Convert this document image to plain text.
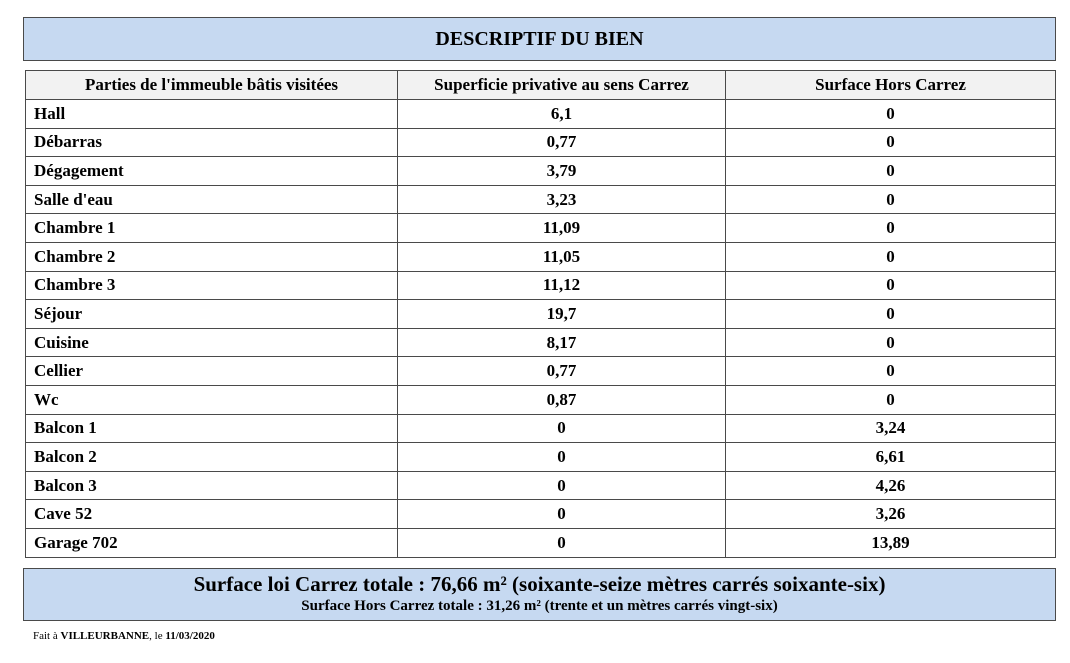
DESCRIPTIF DU BIEN
Parties de l'immeuble bâtis visitées	Superficie privative au sens Carrez	Surface Hors Carrez
Hall	6,1	0
Débarras	0,77	0
Dégagement	3,79	0
Salle d'eau	3,23	0
Chambre 1	11,09	0
Chambre 2	11,05	0
Chambre 3	11,12	0
Séjour	19,7	0
Cuisine	8,17	0
Cellier	0,77	0
Wc	0,87	0
Balcon 1	0	3,24
Balcon 2	0	6,61
Balcon 3	0	4,26
Cave 52	0	3,26
Garage 702	0	13,89
Surface loi Carrez totale : 76,66 m² (soixante-seize mètres carrés soixante-six)
Surface Hors Carrez totale : 31,26 m² (trente et un mètres carrés vingt-six)
Fait à VILLEURBANNE, le 11/03/2020
